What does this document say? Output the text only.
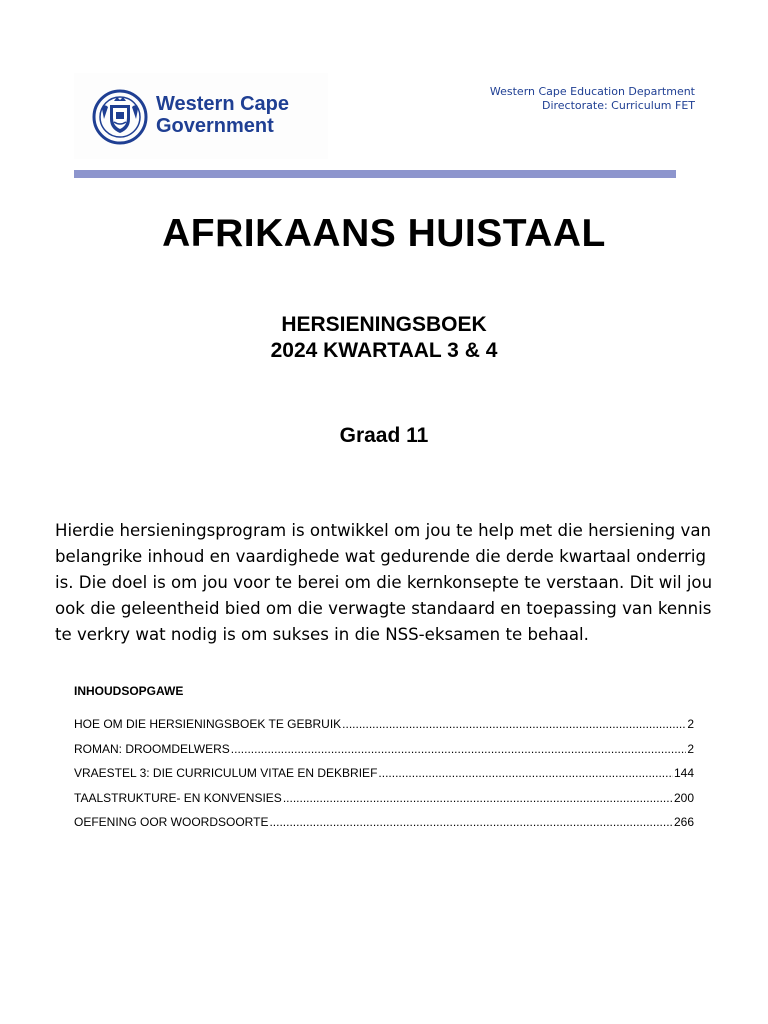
Western Cape
Government
Western Cape Education Department
Directorate: Curriculum FET
AFRIKAANS HUISTAAL
HERSIENINGSBOEK
2024 KWARTAAL 3 & 4
Graad 11

Hierdie hersieningsprogram is ontwikkel om jou te help met die hersiening van belangrike inhoud en vaardighede wat gedurende die derde kwartaal onderrig is. Die doel is om jou voor te berei om die kernkonsepte te verstaan. Dit wil jou ook die geleentheid bied om die verwagte standaard en toepassing van kennis te verkry wat nodig is om sukses in die NSS-eksamen te behaal.

INHOUDSOPGAWE
HOE OM DIE HERSIENINGSBOEK TE GEBRUIK .....	2
ROMAN: DROOMDELWERS .....	2
VRAESTEL 3: DIE CURRICULUM VITAE EN DEKBRIEF .....	144
TAALSTRUKTURE- EN KONVENSIES .....	200
OEFENING OOR WOORDSOORTE .....	266
